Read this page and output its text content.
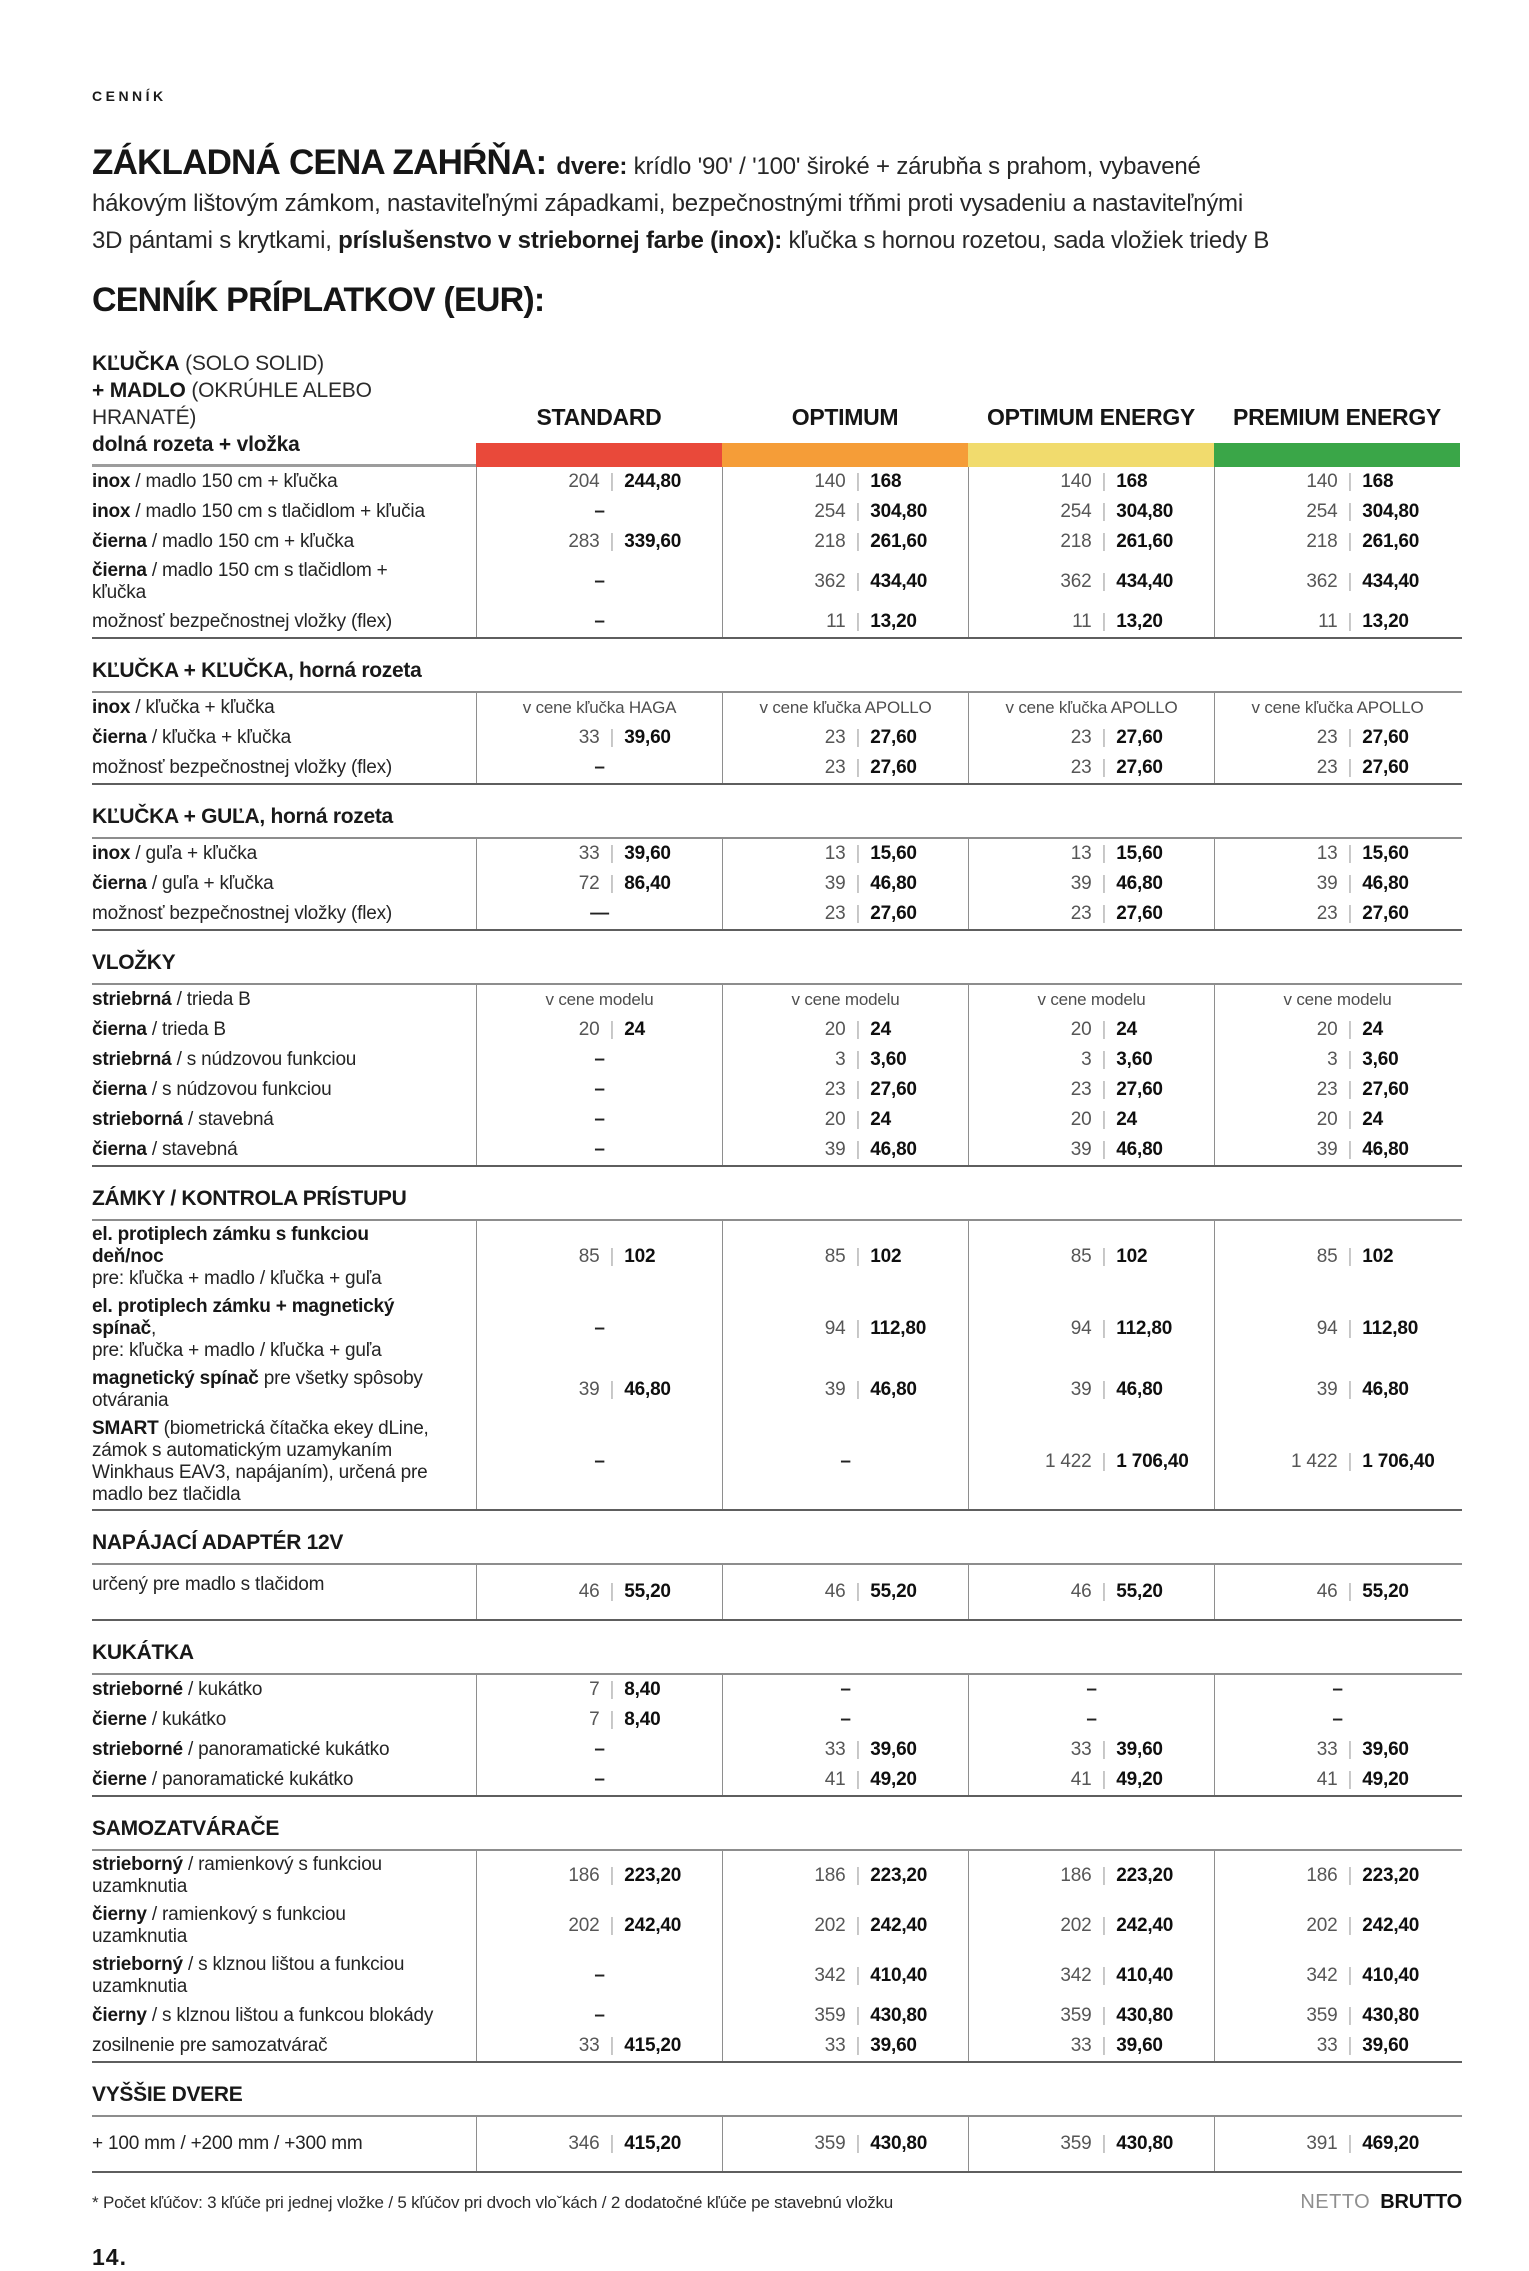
CENNÍK
ZÁKLADNÁ CENA ZAHŔŇA: dvere: krídlo '90' / '100' široké + zárubňa s prahom, vybavené
hákovým lištovým zámkom, nastaviteľnými západkami, bezpečnostnými tŕňmi proti vysadeniu a nastaviteľnými
3D pántami s krytkami, príslušenstvo v striebornej farbe (inox): kľučka s hornou rozetou, sada vložiek triedy B
CENNÍK PRÍPLATKOV (EUR):
KĽUČKA (SOLO SOLID)
+ MADLO (OKRÚHLE ALEBO HRANATÉ)
dolná rozeta + vložka
STANDARD	OPTIMUM	OPTIMUM ENERGY	PREMIUM ENERGY
inox / madlo 150 cm + kľučka	204	| 244,80	140	| 168	140	| 168	140	| 168
inox / madlo 150 cm s tlačidlom + kľučia	–	254	| 304,80	254	| 304,80	254	| 304,80
čierna / madlo 150 cm + kľučka	283	| 339,60	218	| 261,60	218	| 261,60	218	| 261,60
čierna / madlo 150 cm s tlačidlom + kľučka
–	362	| 434,40	362	| 434,40	362	| 434,40
možnosť bezpečnostnej vložky (flex)	–	11	| 13,20	11	| 13,20	11	| 13,20
KĽUČKA + KĽUČKA, horná rozeta
inox / kľučka + kľučka	v cene kľučka HAGA	v cene kľučka APOLLO	v cene kľučka APOLLO	v cene kľučka APOLLO
čierna / kľučka + kľučka	33	| 39,60	23	| 27,60	23	| 27,60	23	| 27,60
možnosť bezpečnostnej vložky (flex)	–	23	| 27,60	23	| 27,60	23	| 27,60
KĽUČKA + GUĽA, horná rozeta
inox / guľa + kľučka	33	| 39,60	13	| 15,60	13	| 15,60	13	| 15,60
čierna / guľa + kľučka	72	| 86,40	39	| 46,80	39	| 46,80	39	| 46,80
možnosť bezpečnostnej vložky (flex)	—	23	| 27,60	23	| 27,60	23	| 27,60
VLOŽKY
striebrná / trieda B	v cene modelu	v cene modelu	v cene modelu	v cene modelu
čierna / trieda B	20	| 24	20	| 24	20	| 24	20	| 24
striebrná / s núdzovou funkciou	–	3	| 3,60	3	| 3,60	3	| 3,60
čierna / s núdzovou funkciou	–	23	| 27,60	23	| 27,60	23	| 27,60
strieborná / stavebná	–	20	| 24	20	| 24	20	| 24
čierna / stavebná	–	39	| 46,80	39	| 46,80	39	| 46,80
ZÁMKY / KONTROLA PRÍSTUPU
el. protiplech zámku s funkciou deň/noc
pre: kľučka + madlo / kľučka + guľa
85	| 102	85	| 102	85	| 102	85	| 102
el. protiplech zámku + magnetický spínač,
pre: kľučka + madlo / kľučka + guľa
–	94	| 112,80	94	| 112,80	94	| 112,80
magnetický spínač pre všetky spôsoby otvárania
39	| 46,80	39	| 46,80	39	| 46,80	39	| 46,80
SMART (biometrická čítačka ekey dLine, zámok s automatickým uzamykaním Winkhaus EAV3, napájaním), určená pre madlo bez tlačidla
–	–	1 422	| 1 706,40	1 422	| 1 706,40
NAPÁJACÍ ADAPTÉR 12V
určený pre madlo s tlačidom	46	| 55,20	46	| 55,20	46	| 55,20	46	| 55,20
KUKÁTKA
strieborné / kukátko	7	| 8,40	–	–	–
čierne / kukátko	7	| 8,40	–	–	–
strieborné / panoramatické kukátko	–	33	| 39,60	33	| 39,60	33	| 39,60
čierne / panoramatické kukátko	–	41	| 49,20	41	| 49,20	41	| 49,20
SAMOZATVÁRAČE
strieborný / ramienkový s funkciou uzamknutia
186	| 223,20	186	| 223,20	186	| 223,20	186	| 223,20
čierny / ramienkový s funkciou uzamknutia
202	| 242,40	202	| 242,40	202	| 242,40	202	| 242,40
strieborný / s klznou lištou a funkciou uzamknutia
–	342	| 410,40	342	| 410,40	342	| 410,40
čierny / s klznou lištou a funkcou blokády	–	359	| 430,80	359	| 430,80	359	| 430,80
zosilnenie pre samozatvárač	33	| 415,20	33	| 39,60	33	| 39,60	33	| 39,60
VYŠŠIE DVERE
+ 100 mm / +200 mm / +300 mm	346	| 415,20	359	| 430,80	359	| 430,80	391	| 469,20
* Počet kľúčov: 3 kľúče pri jednej vložke / 5 kľúčov pri dvoch vloˇkách / 2 dodatočné kľúče pe stavebnú vložku	NETTO BRUTTO
14.
